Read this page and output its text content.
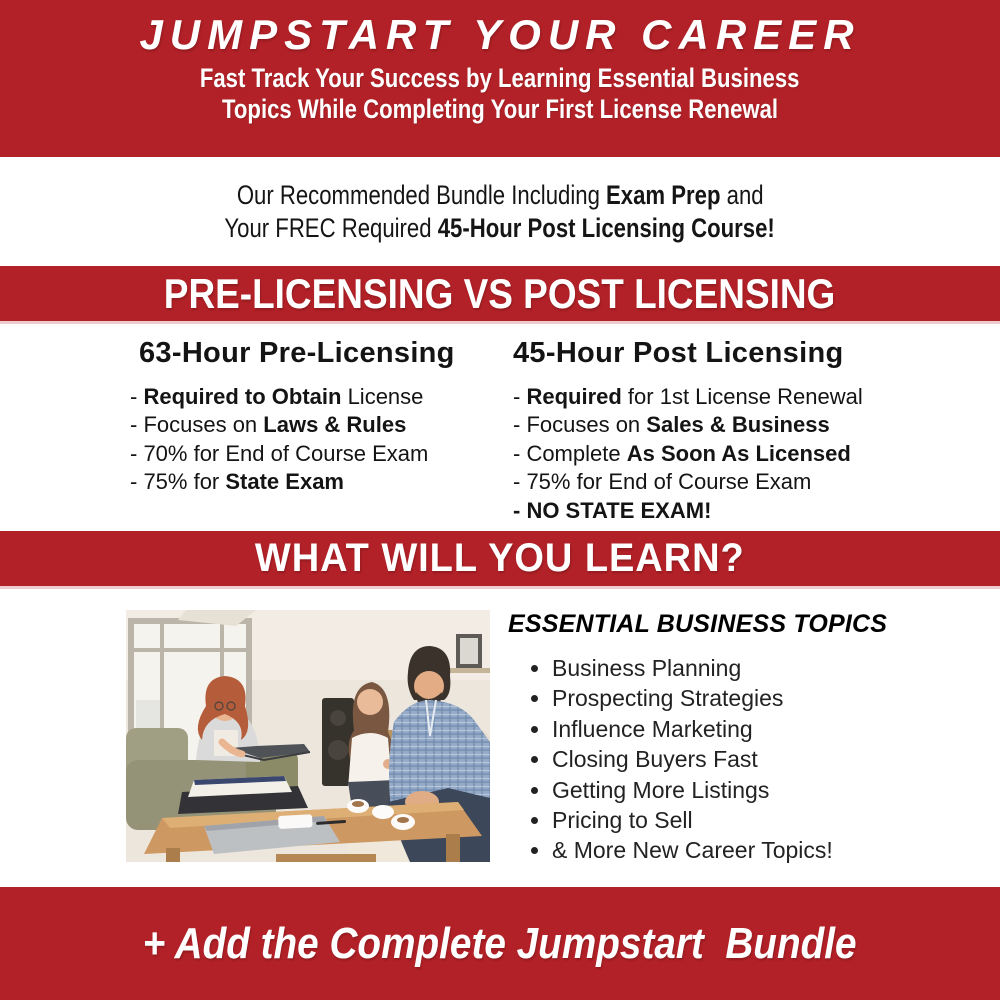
JUMPSTART YOUR CAREER
Fast Track Your Success by Learning Essential Business
Topics While Completing Your First License Renewal
Our Recommended Bundle Including Exam Prep and
Your FREC Required 45-Hour Post Licensing Course!
PRE-LICENSING VS POST LICENSING
63-Hour Pre-Licensing
- Required to Obtain License
- Focuses on Laws & Rules
- 70% for End of Course Exam
- 75% for State Exam
45-Hour Post Licensing
- Required for 1st License Renewal
- Focuses on Sales & Business
- Complete As Soon As Licensed
- 75% for End of Course Exam
- NO STATE EXAM!
WHAT WILL YOU LEARN?
ESSENTIAL BUSINESS TOPICS
• Business Planning
• Prospecting Strategies
• Influence Marketing
• Closing Buyers Fast
• Getting More Listings
• Pricing to Sell
• & More New Career Topics!
+ Add the Complete Jumpstart  Bundle
